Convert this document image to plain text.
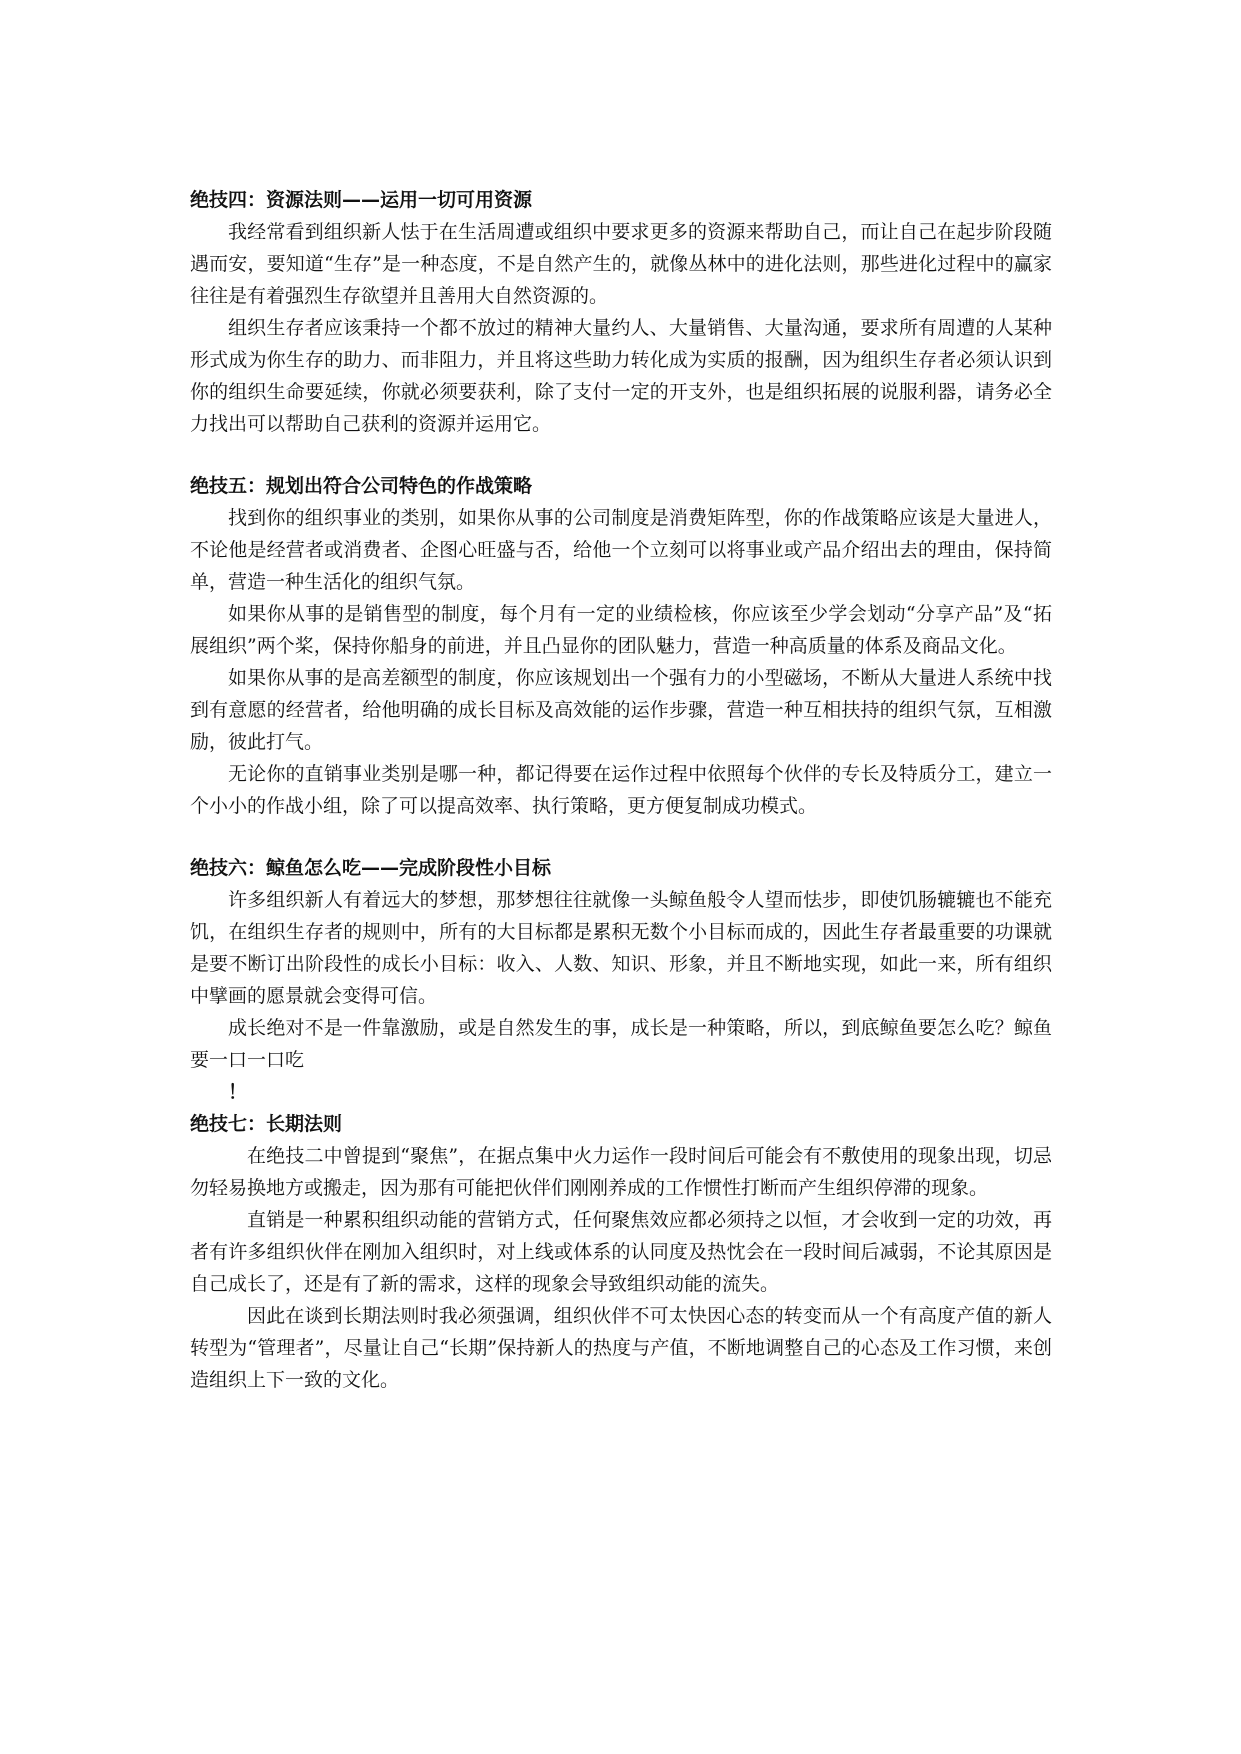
绝技四：资源法则——运用一切可用资源

我经常看到组织新人怯于在生活周遭或组织中要求更多的资源来帮助自己，而让自己在起步阶段随遇而安，要知道“生存”是一种态度，不是自然产生的，就像丛林中的进化法则，那些进化过程中的赢家往往是有着强烈生存欲望并且善用大自然资源的。

组织生存者应该秉持一个都不放过的精神大量约人、大量销售、大量沟通，要求所有周遭的人某种形式成为你生存的助力、而非阻力，并且将这些助力转化成为实质的报酬，因为组织生存者必须认识到你的组织生命要延续，你就必须要获利，除了支付一定的开支外，也是组织拓展的说服利器，请务必全力找出可以帮助自己获利的资源并运用它。

绝技五：规划出符合公司特色的作战策略

找到你的组织事业的类别，如果你从事的公司制度是消费矩阵型，你的作战策略应该是大量进人，不论他是经营者或消费者、企图心旺盛与否，给他一个立刻可以将事业或产品介绍出去的理由，保持简单，营造一种生活化的组织气氛。

如果你从事的是销售型的制度，每个月有一定的业绩检核，你应该至少学会划动“分享产品”及“拓展组织”两个桨，保持你船身的前进，并且凸显你的团队魅力，营造一种高质量的体系及商品文化。

如果你从事的是高差额型的制度，你应该规划出一个强有力的小型磁场，不断从大量进人系统中找到有意愿的经营者，给他明确的成长目标及高效能的运作步骤，营造一种互相扶持的组织气氛，互相激励，彼此打气。

无论你的直销事业类别是哪一种，都记得要在运作过程中依照每个伙伴的专长及特质分工，建立一个小小的作战小组，除了可以提高效率、执行策略，更方便复制成功模式。

绝技六：鲸鱼怎么吃——完成阶段性小目标

许多组织新人有着远大的梦想，那梦想往往就像一头鲸鱼般令人望而怯步，即使饥肠辘辘也不能充饥，在组织生存者的规则中，所有的大目标都是累积无数个小目标而成的，因此生存者最重要的功课就是要不断订出阶段性的成长小目标：收入、人数、知识、形象，并且不断地实现，如此一来，所有组织中擘画的愿景就会变得可信。

成长绝对不是一件靠激励，或是自然发生的事，成长是一种策略，所以，到底鲸鱼要怎么吃？鲸鱼要一口一口吃

！

绝技七：长期法则

在绝技二中曾提到“聚焦”，在据点集中火力运作一段时间后可能会有不敷使用的现象出现，切忌勿轻易换地方或搬走，因为那有可能把伙伴们刚刚养成的工作惯性打断而产生组织停滞的现象。

直销是一种累积组织动能的营销方式，任何聚焦效应都必须持之以恒，才会收到一定的功效，再者有许多组织伙伴在刚加入组织时，对上线或体系的认同度及热忱会在一段时间后减弱，不论其原因是自己成长了，还是有了新的需求，这样的现象会导致组织动能的流失。

因此在谈到长期法则时我必须强调，组织伙伴不可太快因心态的转变而从一个有高度产值的新人转型为“管理者”，尽量让自己“长期”保持新人的热度与产值，不断地调整自己的心态及工作习惯，来创造组织上下一致的文化。
